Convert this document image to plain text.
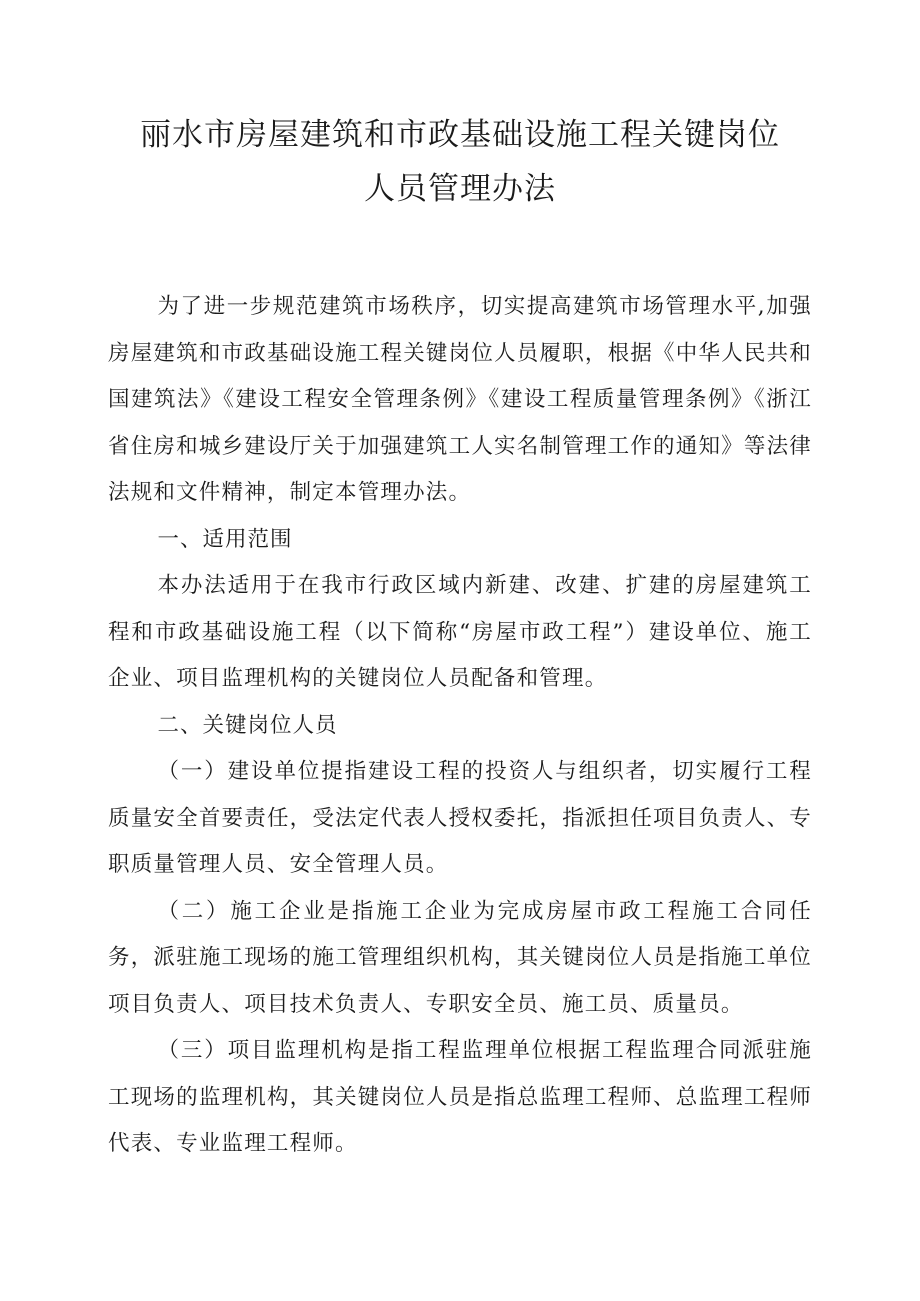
丽水市房屋建筑和市政基础设施工程关键岗位
人员管理办法

为了进一步规范建筑市场秩序，切实提高建筑市场管理水平,加强房屋建筑和市政基础设施工程关键岗位人员履职，根据《中华人民共和国建筑法》《建设工程安全管理条例》《建设工程质量管理条例》《浙江省住房和城乡建设厅关于加强建筑工人实名制管理工作的通知》等法律法规和文件精神，制定本管理办法。

一、适用范围

本办法适用于在我市行政区域内新建、改建、扩建的房屋建筑工程和市政基础设施工程（以下简称“房屋市政工程”）建设单位、施工企业、项目监理机构的关键岗位人员配备和管理。

二、关键岗位人员

（一）建设单位提指建设工程的投资人与组织者，切实履行工程质量安全首要责任，受法定代表人授权委托，指派担任项目负责人、专职质量管理人员、安全管理人员。

（二）施工企业是指施工企业为完成房屋市政工程施工合同任务，派驻施工现场的施工管理组织机构，其关键岗位人员是指施工单位项目负责人、项目技术负责人、专职安全员、施工员、质量员。

（三）项目监理机构是指工程监理单位根据工程监理合同派驻施工现场的监理机构，其关键岗位人员是指总监理工程师、总监理工程师代表、专业监理工程师。
